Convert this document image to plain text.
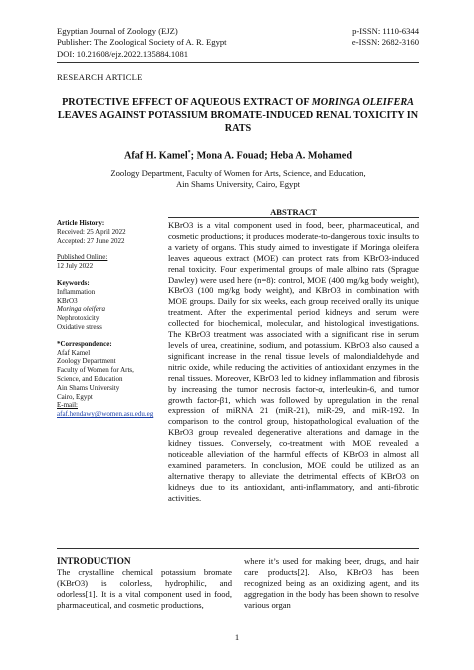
Egyptian Journal of Zoology (EJZ)	p-ISSN: 1110-6344
Publisher: The Zoological Society of A. R. Egypt	e-ISSN: 2682-3160
DOI: 10.21608/ejz.2022.135884.1081
RESEARCH ARTICLE
PROTECTIVE EFFECT OF AQUEOUS EXTRACT OF MORINGA OLEIFERA LEAVES AGAINST POTASSIUM BROMATE-INDUCED RENAL TOXICITY IN RATS
Afaf H. Kamel*; Mona A. Fouad; Heba A. Mohamed
Zoology Department, Faculty of Women for Arts, Science, and Education,
Ain Shams University, Cairo, Egypt
ABSTRACT
Article History:
Received: 25 April 2022
Accepted: 27 June 2022
Published Online:
12 July 2022
Keywords:
Inflammation
KBrO3
Moringa oleifera
Nephrotoxicity
Oxidative stress
*Correspondence:
Afaf Kamel
Zoology Department
Faculty of Women for Arts,
Science, and Education
Ain Shams University
Cairo, Egypt
E-mail:
afaf.hendawy@women.asu.edu.eg

KBrO3 is a vital component used in food, beer, pharmaceutical, and cosmetic productions; it produces moderate-to-dangerous toxic insults to a variety of organs. This study aimed to investigate if Moringa oleifera leaves aqueous extract (MOE) can protect rats from KBrO3-induced renal toxicity. Four experimental groups of male albino rats (Sprague Dawley) were used here (n=8): control, MOE (400 mg/kg body weight), KBrO3 (100 mg/kg body weight), and KBrO3 in combination with MOE groups. Daily for six weeks, each group received orally its unique treatment. After the experimental period kidneys and serum were collected for biochemical, molecular, and histological investigations. The KBrO3 treatment was associated with a significant rise in serum levels of urea, creatinine, sodium, and potassium. KBrO3 also caused a significant increase in the renal tissue levels of malondialdehyde and nitric oxide, while reducing the activities of antioxidant enzymes in the renal tissues. Moreover, KBrO3 led to kidney inflammation and fibrosis by increasing the tumor necrosis factor-α, interleukin-6, and tumor growth factor-β1, which was followed by upregulation in the renal expression of miRNA 21 (miR-21), miR-29, and miR-192. In comparison to the control group, histopathological evaluation of the KBrO3 group revealed degenerative alterations and damage in the kidney tissues. Conversely, co-treatment with MOE revealed a noticeable alleviation of the harmful effects of KBrO3 in almost all examined parameters. In conclusion, MOE could be utilized as an alternative therapy to alleviate the detrimental effects of KBrO3 on kidneys due to its antioxidant, anti-inflammatory, and anti-fibrotic activities.

INTRODUCTION
The crystalline chemical potassium bromate (KBrO3) is colorless, hydrophilic, and odorless[1]. It is a vital component used in food, pharmaceutical, and cosmetic productions,
where it’s used for making beer, drugs, and hair care products[2]. Also, KBrO3 has been recognized being as an oxidizing agent, and its aggregation in the body has been shown to resolve various organ
1
